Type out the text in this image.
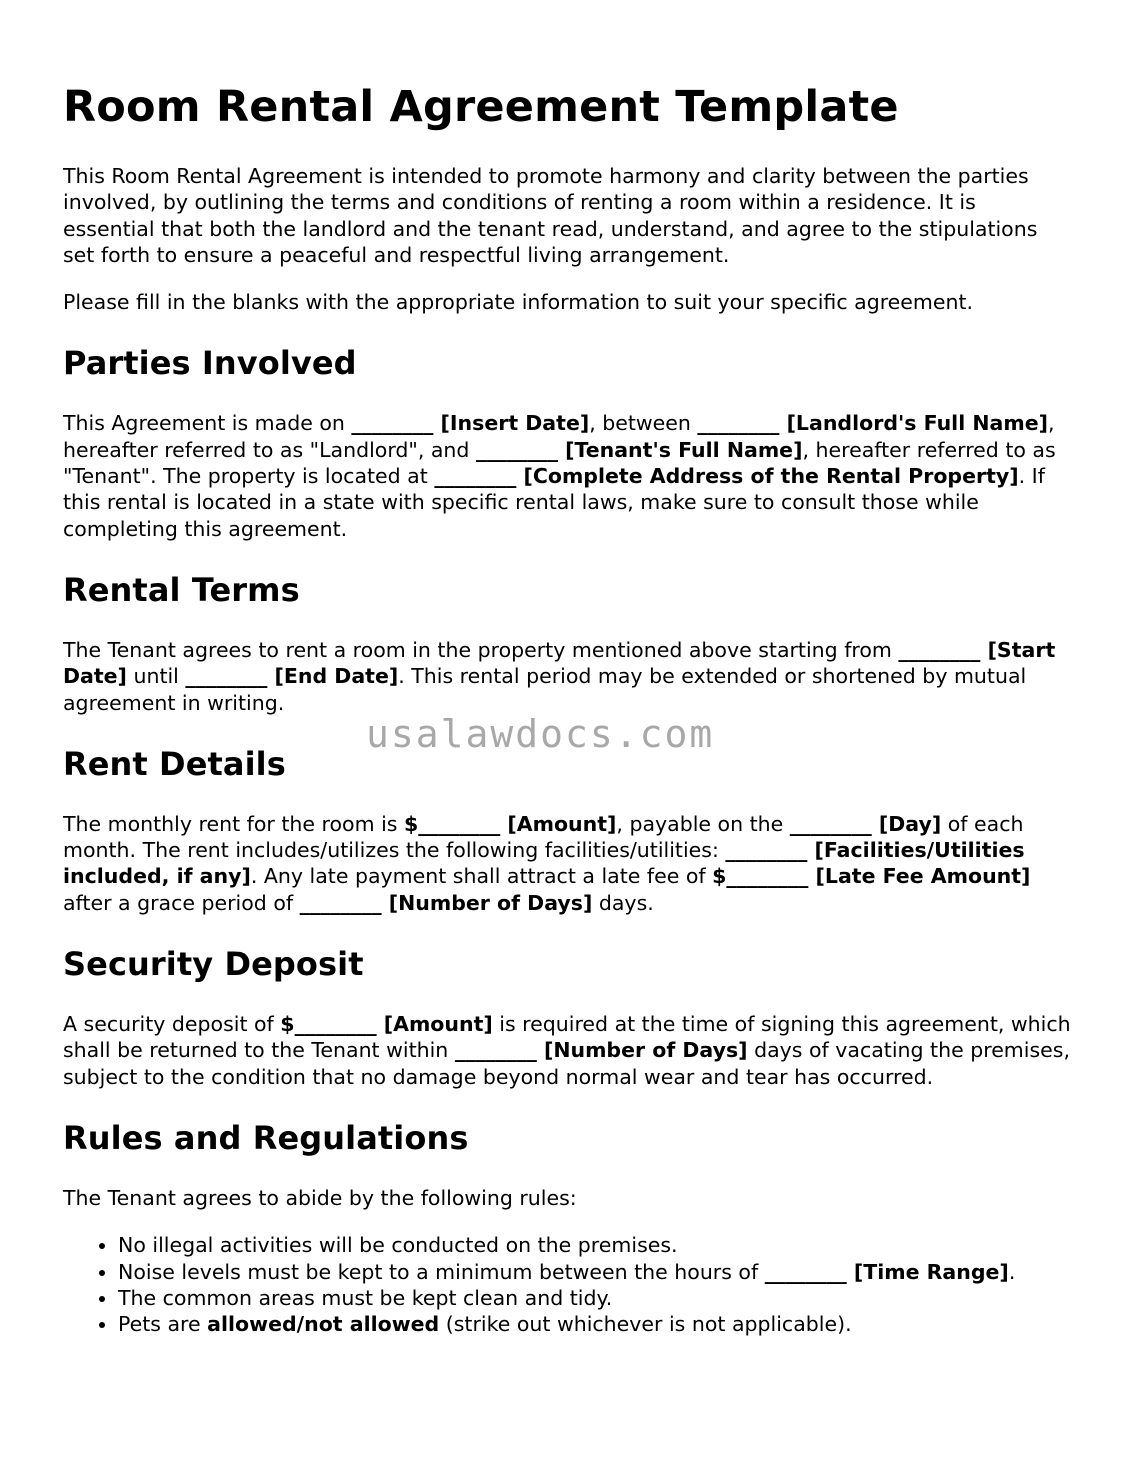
usalawdocs.com
Room Rental Agreement Template

This Room Rental Agreement is intended to promote harmony and clarity between the parties involved, by outlining the terms and conditions of renting a room within a residence. It is essential that both the landlord and the tenant read, understand, and agree to the stipulations set forth to ensure a peaceful and respectful living arrangement.

Please fill in the blanks with the appropriate information to suit your specific agreement.

Parties Involved

This Agreement is made on ________ [Insert Date], between ________ [Landlord's Full Name], hereafter referred to as "Landlord", and ________ [Tenant's Full Name], hereafter referred to as "Tenant". The property is located at ________ [Complete Address of the Rental Property]. If this rental is located in a state with specific rental laws, make sure to consult those while completing this agreement.

Rental Terms

The Tenant agrees to rent a room in the property mentioned above starting from ________ [Start Date] until ________ [End Date]. This rental period may be extended or shortened by mutual agreement in writing.

Rent Details

The monthly rent for the room is $________ [Amount], payable on the ________ [Day] of each month. The rent includes/utilizes the following facilities/utilities: ________ [Facilities/Utilities included, if any]. Any late payment shall attract a late fee of $________ [Late Fee Amount] after a grace period of ________ [Number of Days] days.

Security Deposit

A security deposit of $________ [Amount] is required at the time of signing this agreement, which shall be returned to the Tenant within ________ [Number of Days] days of vacating the premises, subject to the condition that no damage beyond normal wear and tear has occurred.

Rules and Regulations

The Tenant agrees to abide by the following rules:

• No illegal activities will be conducted on the premises.
• Noise levels must be kept to a minimum between the hours of ________ [Time Range].
• The common areas must be kept clean and tidy.
• Pets are allowed/not allowed (strike out whichever is not applicable).
